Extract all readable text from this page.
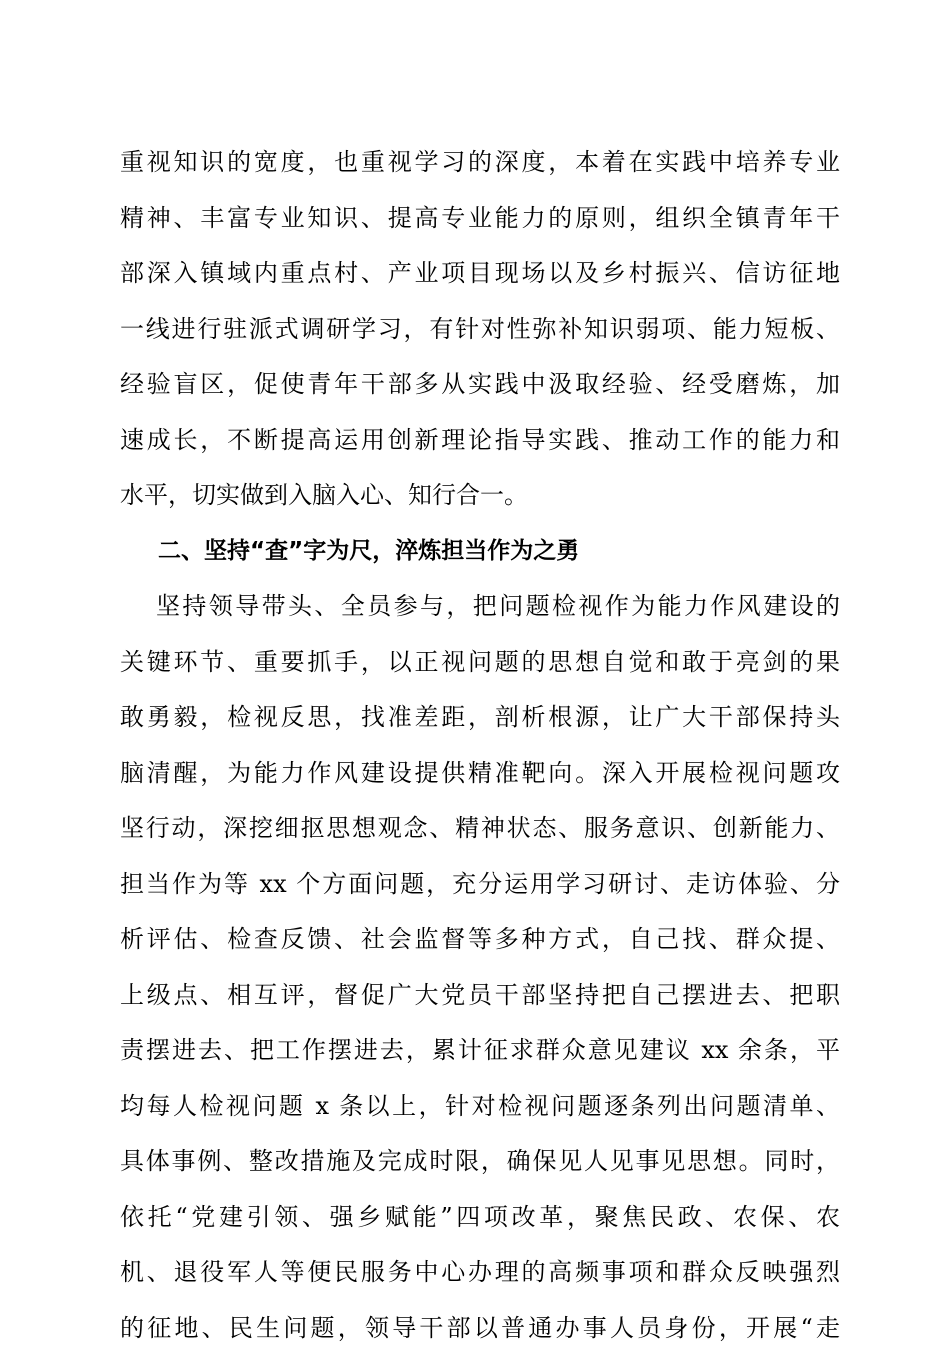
重视知识的宽度，也重视学习的深度，本着在实践中培养专业
精神、丰富专业知识、提高专业能力的原则，组织全镇青年干
部深入镇域内重点村、产业项目现场以及乡村振兴、信访征地
一线进行驻派式调研学习，有针对性弥补知识弱项、能力短板、
经验盲区，促使青年干部多从实践中汲取经验、经受磨炼，加
速成长，不断提高运用创新理论指导实践、推动工作的能力和
水平，切实做到入脑入心、知行合一。
二、坚持“查”字为尺，淬炼担当作为之勇
坚持领导带头、全员参与，把问题检视作为能力作风建设的
关键环节、重要抓手，以正视问题的思想自觉和敢于亮剑的果
敢勇毅，检视反思，找准差距，剖析根源，让广大干部保持头
脑清醒，为能力作风建设提供精准靶向。深入开展检视问题攻
坚行动，深挖细抠思想观念、精神状态、服务意识、创新能力、
担当作为等 xx 个方面问题，充分运用学习研讨、走访体验、分
析评估、检查反馈、社会监督等多种方式，自己找、群众提、
上级点、相互评，督促广大党员干部坚持把自己摆进去、把职
责摆进去、把工作摆进去，累计征求群众意见建议 xx 余条，平
均每人检视问题 x 条以上，针对检视问题逐条列出问题清单、
具体事例、整改措施及完成时限，确保见人见事见思想。同时，
依托“党建引领、强乡赋能”四项改革，聚焦民政、农保、农
机、退役军人等便民服务中心办理的高频事项和群众反映强烈
的征地、民生问题，领导干部以普通办事人员身份，开展“走
